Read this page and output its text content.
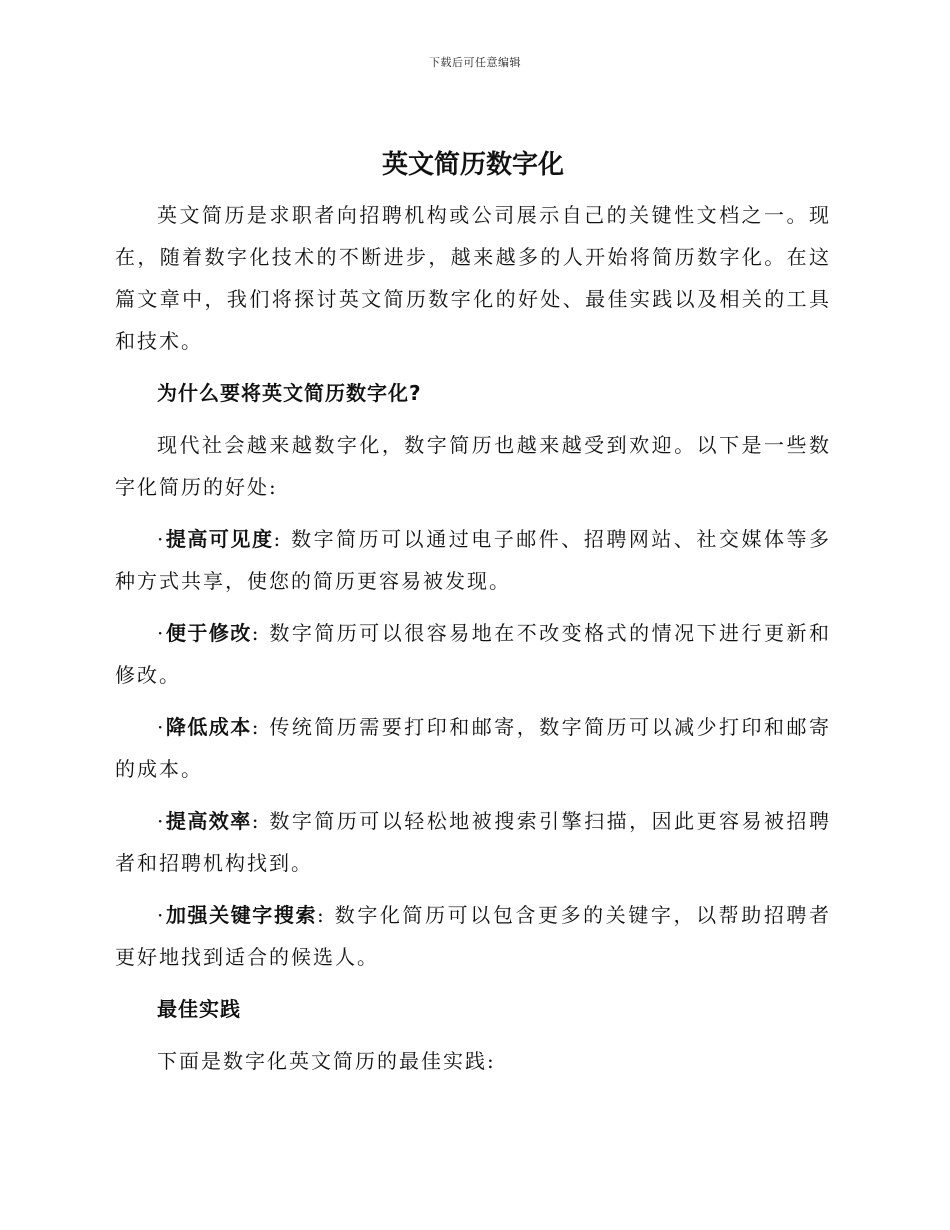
下载后可任意编辑
英文简历数字化

英文简历是求职者向招聘机构或公司展示自己的关键性文档之一。现在，随着数字化技术的不断进步，越来越多的人开始将简历数字化。在这篇文章中，我们将探讨英文简历数字化的好处、最佳实践以及相关的工具和技术。

为什么要将英文简历数字化?

现代社会越来越数字化，数字简历也越来越受到欢迎。以下是一些数字化简历的好处:

·提高可见度: 数字简历可以通过电子邮件、招聘网站、社交媒体等多种方式共享，使您的简历更容易被发现。

·便于修改: 数字简历可以很容易地在不改变格式的情况下进行更新和修改。

·降低成本: 传统简历需要打印和邮寄，数字简历可以减少打印和邮寄的成本。

·提高效率: 数字简历可以轻松地被搜索引擎扫描，因此更容易被招聘者和招聘机构找到。

·加强关键字搜索: 数字化简历可以包含更多的关键字，以帮助招聘者更好地找到适合的候选人。

最佳实践

下面是数字化英文简历的最佳实践:
